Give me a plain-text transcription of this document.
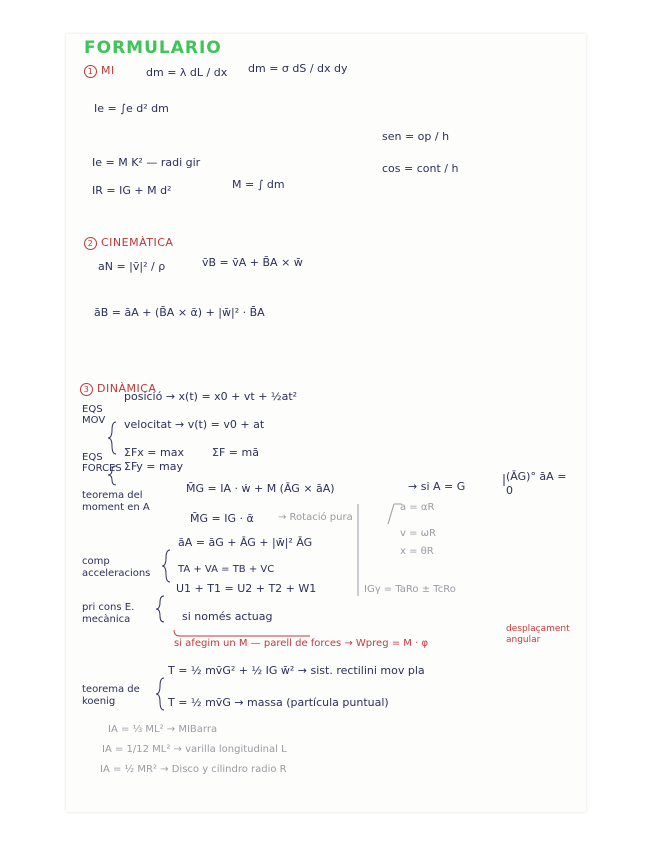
FORMULARIO
1 MI	dm = λ dL / dx dm = σ dS / dx dy
Ie = ∫e d² dm
sen = op / h
Ie = M K² — radi gir	cos = cont / h
IR = IG + M d²	M = ∫ dm
2 CINEMÀTICA
aN = |v̄|² / ρ	v̄B = v̄A + B̄A × w̄
āB = āA + (B̄A × ᾱ) + |w̄|² · B̄A
3 DINÀMICA
EQS MOV
posició → x(t) = x0 + vt + ½at²
velocitat → v(t) = v0 + at
EQS FORCES
ΣFx = max
ΣFy = may
ΣF = mā
teorema del moment en A
M̄G = IA · ẇ + M (ĀG × āA)	→ si A = G
(ĀG)° āA = 0
M̄G = IG · ᾱ → Rotació pura
a = αR
v = ωR
x = θR
comp acceleracions
āA = āG + ĀG + |w̄|² ĀG
TA + VA = TB + VC
IGγ = TaRo ± TcRo
pri cons E. mecànica
U1 + T1 = U2 + T2 + W1
si només actuag
si afegim un M — parell de forces → Wpreg = M · φ
desplaçament angular
teorema de koenig
T = ½ mv̄G² + ½ IG w̄² → sist. rectilini mov pla
T = ½ mv̄G → massa (partícula puntual)
IA = ⅓ ML² → MIBarra
IA = 1/12 ML² → varilla longitudinal L
IA = ½ MR² → Disco y cilindro radio R
